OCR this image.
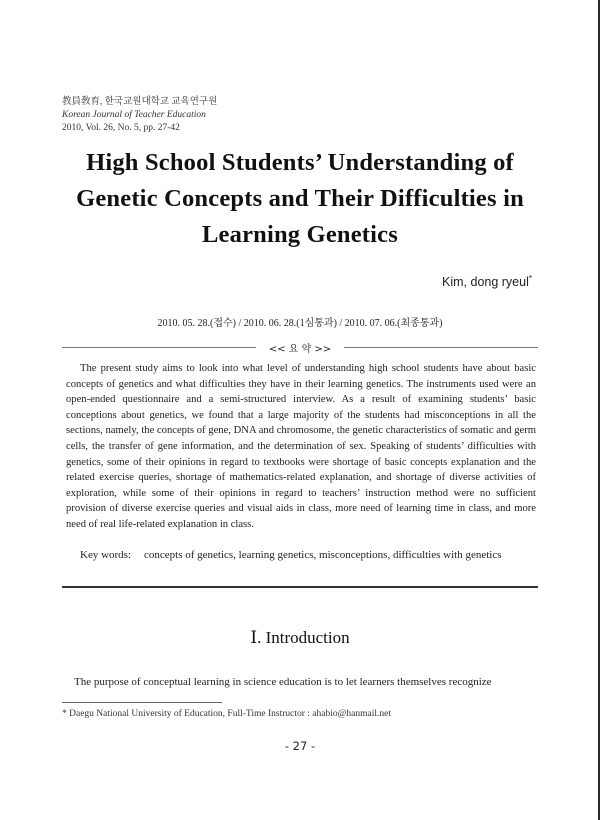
教員敎育, 한국교원대학교 교육연구원
Korean Journal of Teacher Education
2010, Vol. 26, No. 5, pp. 27-42
High School Students’ Understanding of
Genetic Concepts and Their Difficulties in
Learning Genetics
Kim, dong ryeul*
2010. 05. 28.(접수) / 2010. 06. 28.(1심통과) / 2010. 07. 06.(최종통과)
<< 요 약 >>
The present study aims to look into what level of understanding high school students have about basic concepts of genetics and what difficulties they have in their learning genetics. The instruments used were an open-ended questionnaire and a semi-structured interview. As a result of examining students’ basic conceptions about genetics, we found that a large majority of the students had misconceptions in all the sections, namely, the concepts of gene, DNA and chromosome, the genetic characteristics of somatic and germ cells, the transfer of gene information, and the determination of sex. Speaking of students’ difficulties with genetics, some of their opinions in regard to textbooks were shortage of basic concepts explanation and the related exercise queries, shortage of mathematics-related explanation, and shortage of diverse activities of exploration, while some of their opinions in regard to teachers’ instruction method were no sufficient provision of diverse exercise queries and visual aids in class, more need of learning time in class, and more need of real life-related explanation in class.
Key words:	concepts of genetics, learning genetics, misconceptions, difficulties with genetics
Ⅰ. Introduction
The purpose of conceptual learning in science education is to let learners themselves recognize
* Daegu National University of Education, Full-Time Instructor : ahabio@hanmail.net
- 27 -
